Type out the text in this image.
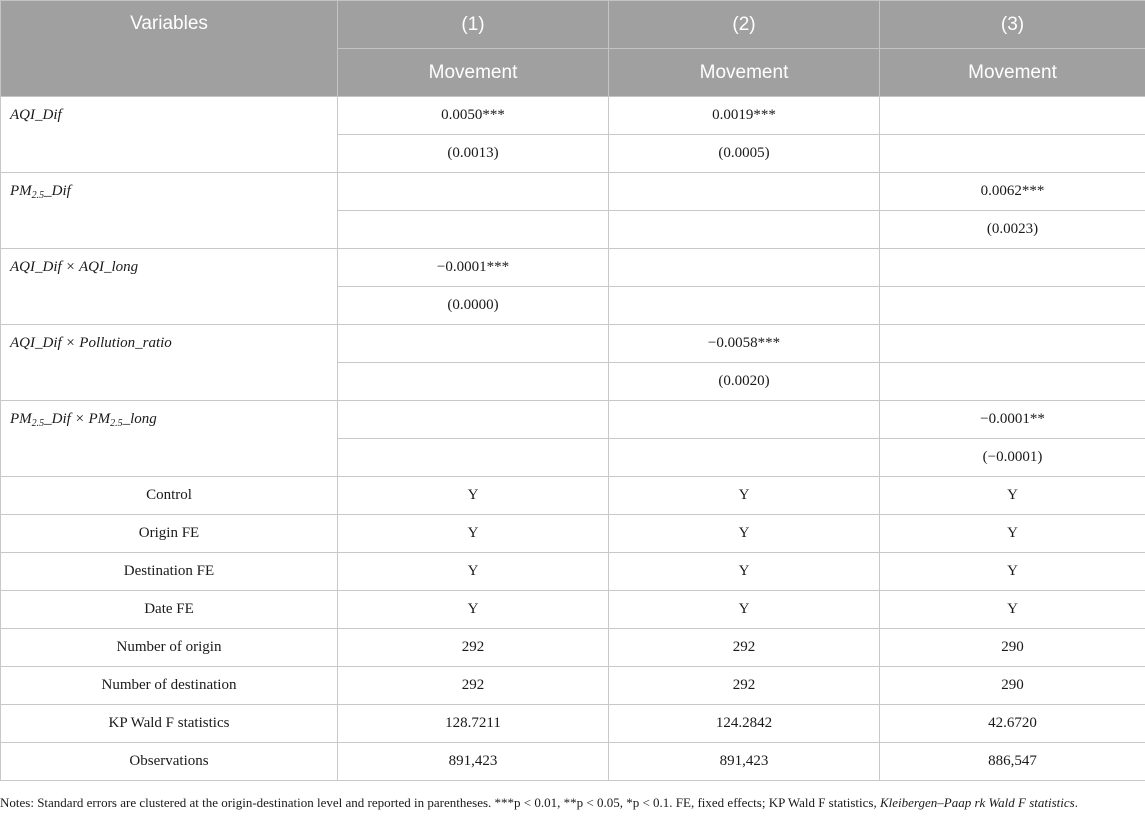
Variables	(1)	(2)	(3)
	Movement	Movement	Movement
AQI_Dif	0.0050***	0.0019***	
	(0.0013)	(0.0005)	
$PM_{2.5}\_Dif$			0.0062***
			(0.0023)
AQI_Dif × AQI_long	−0.0001***		
	(0.0000)		
AQI_Dif × Pollution_ratio		−0.0058***	
		(0.0020)	
$PM_{2.5}\_Dif$ × $PM_{2.5}\_long$			−0.0001**
			(−0.0001)
Control	Y	Y	Y
Origin FE	Y	Y	Y
Destination FE	Y	Y	Y
Date FE	Y	Y	Y
Number of origin	292	292	290
Number of destination	292	292	290
KP Wald F statistics	128.7211	124.2842	42.6720
Observations	891,423	891,423	886,547
Notes: Standard errors are clustered at the origin-destination level and reported in parentheses. ***p < 0.01, **p < 0.05, *p < 0.1. FE, fixed effects; KP Wald F statistics, Kleibergen–Paap rk Wald F statistics.
